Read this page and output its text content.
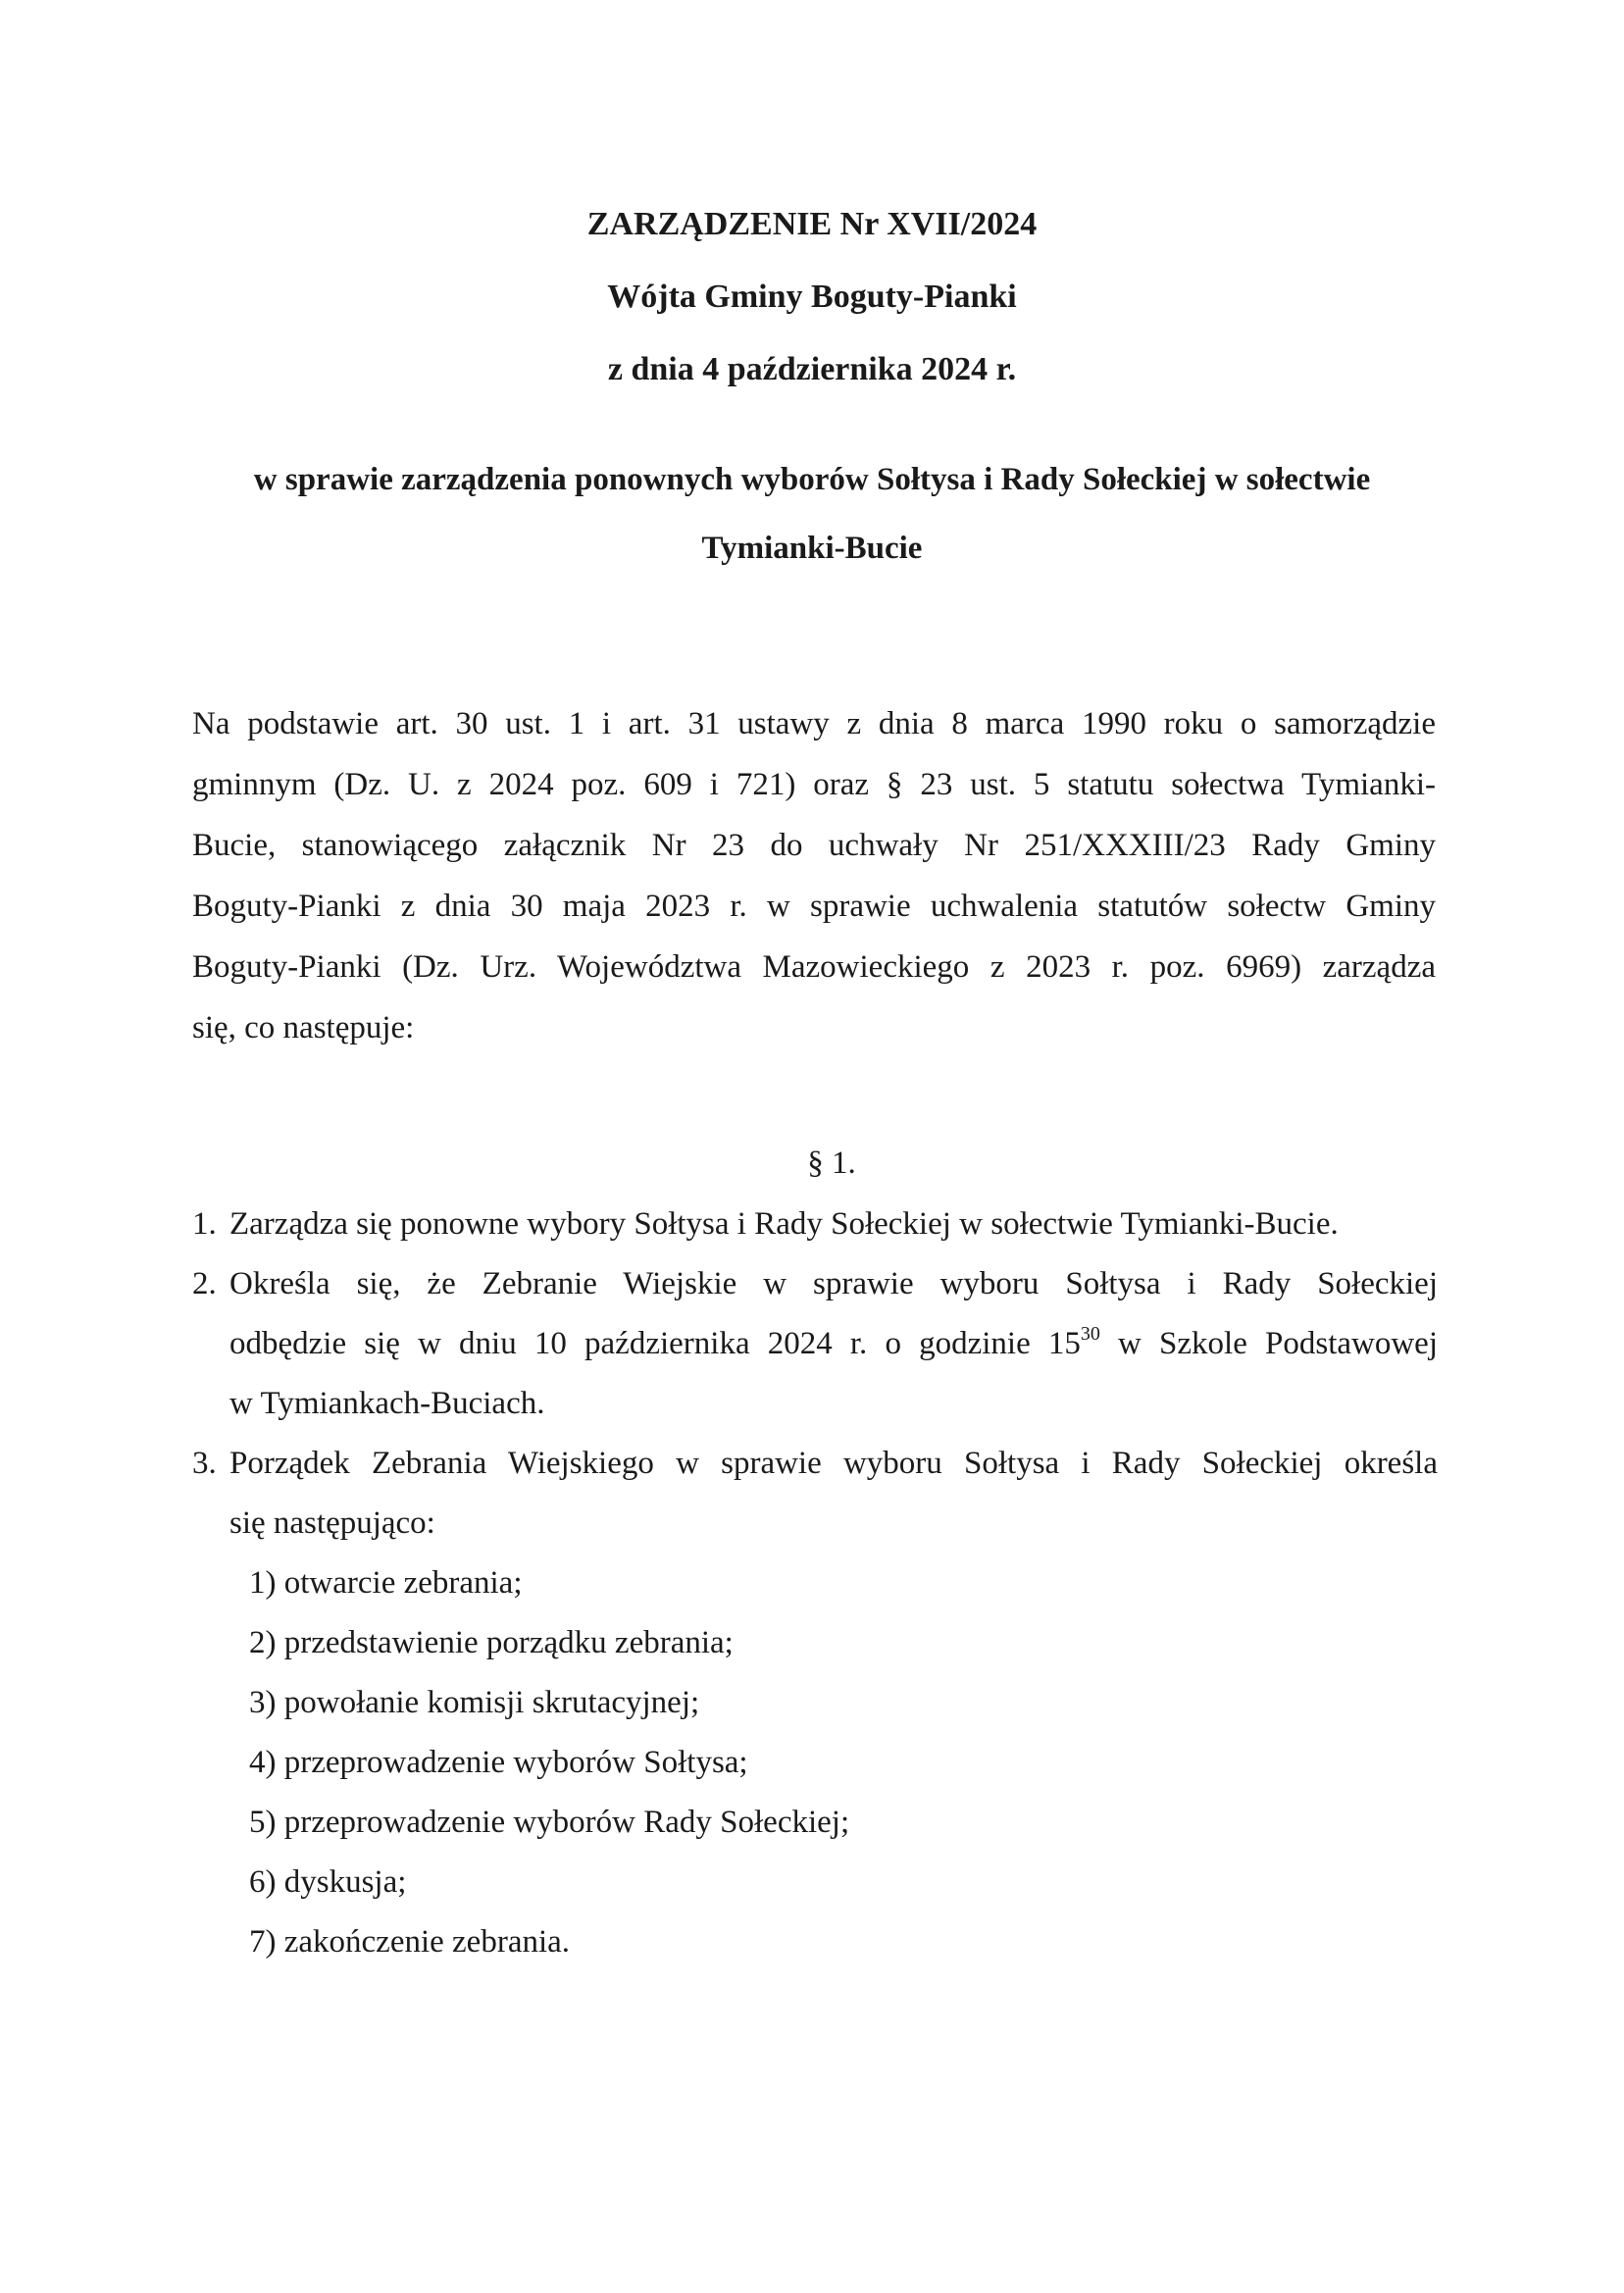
ZARZĄDZENIE Nr XVII/2024
Wójta Gminy Boguty-Pianki
z dnia 4 października 2024 r.
w sprawie zarządzenia ponownych wyborów Sołtysa i Rady Sołeckiej w sołectwie
Tymianki-Bucie
Na podstawie art. 30 ust. 1 i art. 31 ustawy z dnia 8 marca 1990 roku o samorządzie
gminnym (Dz. U. z 2024 poz. 609 i 721) oraz § 23 ust. 5 statutu sołectwa Tymianki-
Bucie, stanowiącego załącznik Nr 23 do uchwały Nr 251/XXXIII/23 Rady Gminy
Boguty-Pianki z dnia 30 maja 2023 r. w sprawie uchwalenia statutów sołectw Gminy
Boguty-Pianki (Dz. Urz. Województwa Mazowieckiego z 2023 r. poz. 6969) zarządza
się, co następuje:
§ 1.
1. Zarządza się ponowne wybory Sołtysa i Rady Sołeckiej w sołectwie Tymianki-Bucie.
2. Określa się, że Zebranie Wiejskie w sprawie wyboru Sołtysa i Rady Sołeckiej
odbędzie się w dniu 10 października 2024 r. o godzinie $15^{30}$ w Szkole Podstawowej
w Tymiankach-Buciach.
3. Porządek Zebrania Wiejskiego w sprawie wyboru Sołtysa i Rady Sołeckiej określa
się następująco:
1) otwarcie zebrania;
2) przedstawienie porządku zebrania;
3) powołanie komisji skrutacyjnej;
4) przeprowadzenie wyborów Sołtysa;
5) przeprowadzenie wyborów Rady Sołeckiej;
6) dyskusja;
7) zakończenie zebrania.
